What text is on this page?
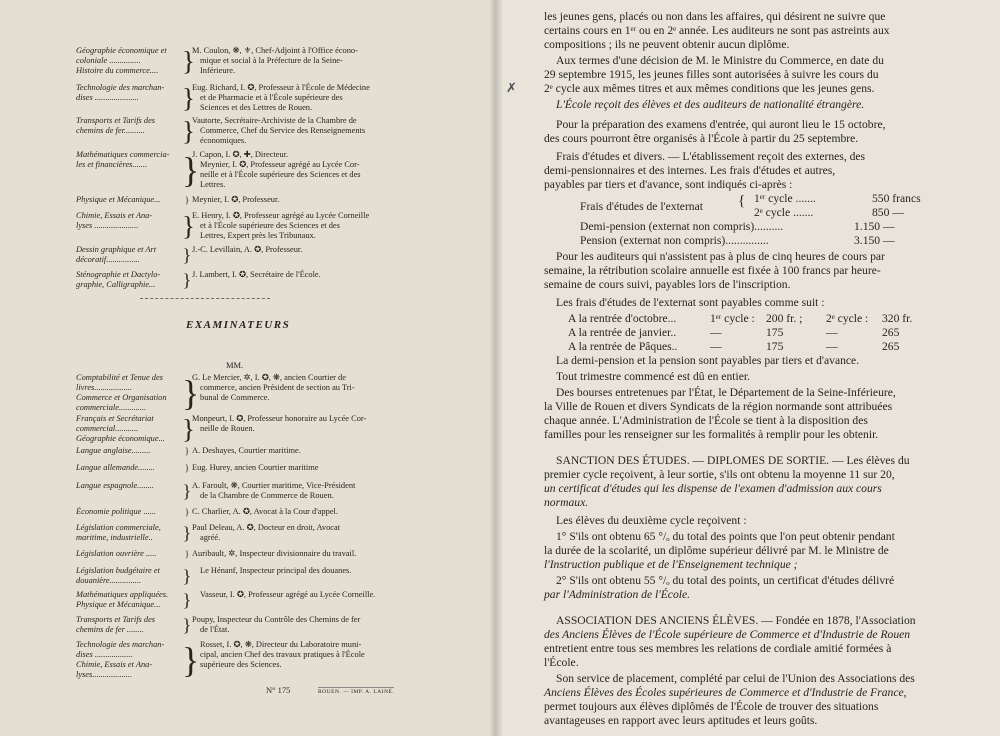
Géographie économique et
coloniale ...............
Histoire du commerce.... }
M. Coulon, ❋, ⚜, Chef-Adjoint à l'Office écono-
mique et social à la Préfecture de la Seine-
Inférieure.
Technologie des marchan-
dises .....................	}
Eug. Richard, I. ✪, Professeur à l'École de Médecine
et de Pharmacie et à l'École supérieure des
Sciences et des Lettres de Rouen.
Transports et Tarifs des
chemins de fer..........	}
Vautorte, Secrétaire-Archiviste de la Chambre de
Commerce, Chef du Service des Renseignements
économiques.
Mathématiques commercia-
les et financières....... }
J. Capon, I. ✪, ✚, Directeur.
Meynier, I. ✪, Professeur agrégé au Lycée Cor-
neille et à l'École supérieure des Sciences et des
Lettres.
Physique et Mécanique...	} Meynier, I. ✪, Professeur.
Chimie, Essais et Ana-
lyses .....................	}
E. Henry, I. ✪, Professeur agrégé au Lycée Corneille
et à l'École supérieure des Sciences et des
Lettres, Expert près les Tribunaux.
Dessin graphique et Art
décoratif................	} J.-C. Levillain, A. ✪, Professeur.
Sténographie et Dactylo-
graphie, Calligraphie...	} J. Lambert, I. ✪, Secrétaire de l'École.
EXAMINATEURS
MM.
Comptabilité et Tenue des
livres..................
Commerce et Organisation
commerciale............. }
G. Le Mercier, ✲, I. ✪, ❋, ancien Courtier de
commerce, ancien Président de section au Tri-
bunal de Commerce.
Français et Secrétariat
commercial...........
Géographie économique... }
Monpeurt, I. ✪, Professeur honoraire au Lycée Cor-
neille de Rouen.
Langue anglaise.........	} A. Deshayes, Courtier maritime.
Langue allemande........	} Eug. Hurey, ancien Courtier maritime
Langue espagnole........	} A. Faroult, ❋, Courtier maritime, Vice-Président
de la Chambre de Commerce de Rouen.
Économie politique ......	} C. Charlier, A. ✪, Avocat à la Cour d'appel.
Législation commerciale,
maritime, industrielle..	} Paul Deleau, A. ✪, Docteur en droit, Avocat
agréé.
Législation ouvrière .....	} Auribault, ✲, Inspecteur divisionnaire du travail.
Législation budgétaire et
douanière...............	}	Le Hénanf, Inspecteur principal des douanes.
Mathématiques appliquées.
Physique et Mécanique...	}	Vasseur, I. ✪, Professeur agrégé au Lycée Corneille.
Transports et Tarifs des
chemins de fer ........	} Poupy, Inspecteur du Contrôle des Chemins de fer
de l'État.
Technologie des marchan-
dises ..................
Chimie, Essais et Ana-
lyses...................	} Rosset, I. ✪, ❋, Directeur du Laboratoire muni-
cipal, ancien Chef des travaux pratiques à l'École
supérieure des Sciences.
N° 175	ROUEN. — IMP. A. LAINÉ.
✗
les jeunes gens, placés ou non dans les affaires, qui désirent ne suivre que
certains cours en 1ᵉʳ ou en 2ᵉ année. Les auditeurs ne sont pas astreints aux
compositions ; ils ne peuvent obtenir aucun diplôme.
Aux termes d'une décision de M. le Ministre du Commerce, en date du
29 septembre 1915, les jeunes filles sont autorisées à suivre les cours du
2ᵉ cycle aux mêmes titres et aux mêmes conditions que les jeunes gens.
L'École reçoit des élèves et des auditeurs de nationalité étrangère.
Pour la préparation des examens d'entrée, qui auront lieu le 15 octobre,
des cours pourront être organisés à l'École à partir du 25 septembre.
Frais d'études et divers. — L'établissement reçoit des externes, des
demi-pensionnaires et des internes. Les frais d'études et autres,
payables par tiers et d'avance, sont indiqués ci-après :
Frais d'études de l'externat { 1ᵉʳ cycle .......	550 francs
2ᵉ cycle .......	850 —
Demi-pension (externat non compris)..........	1.150 —
Pension (externat non compris)...............	3.150 —
Pour les auditeurs qui n'assistent pas à plus de cinq heures de cours par
semaine, la rétribution scolaire annuelle est fixée à 100 francs par heure-
semaine de cours suivi, payables lors de l'inscription.
Les frais d'études de l'externat sont payables comme suit :
A la rentrée d'octobre...	1ᵉʳ cycle : 200 fr. ; 2ᵉ cycle : 320 fr.
A la rentrée de janvier..	—	175	—	265
A la rentrée de Pâques..	—	175	—	265
La demi-pension et la pension sont payables par tiers et d'avance.
Tout trimestre commencé est dû en entier.
Des bourses entretenues par l'État, le Département de la Seine-Inférieure,
la Ville de Rouen et divers Syndicats de la région normande sont attribuées
chaque année. L'Administration de l'École se tient à la disposition des
familles pour les renseigner sur les formalités à remplir pour les obtenir.
SANCTION DES ÉTUDES. — DIPLOMES DE SORTIE. — Les élèves du
premier cycle reçoivent, à leur sortie, s'ils ont obtenu la moyenne 11 sur 20,
un certificat d'études qui les dispense de l'examen d'admission aux cours
normaux.
Les élèves du deuxième cycle reçoivent :
1° S'ils ont obtenu 65 °/ₒ du total des points que l'on peut obtenir pendant
la durée de la scolarité, un diplôme supérieur délivré par M. le Ministre de
l'Instruction publique et de l'Enseignement technique ;
2° S'ils ont obtenu 55 °/ₒ du total des points, un certificat d'études délivré
par l'Administration de l'École.
ASSOCIATION DES ANCIENS ÉLÈVES. — Fondée en 1878, l'Association
des Anciens Élèves de l'École supérieure de Commerce et d'Industrie de Rouen
entretient entre tous ses membres les relations de cordiale amitié formées à
l'École.
Son service de placement, complété par celui de l'Union des Associations des
Anciens Élèves des Écoles supérieures de Commerce et d'Industrie de France,
permet toujours aux élèves diplômés de l'École de trouver des situations
avantageuses en rapport avec leurs aptitudes et leurs goûts.
